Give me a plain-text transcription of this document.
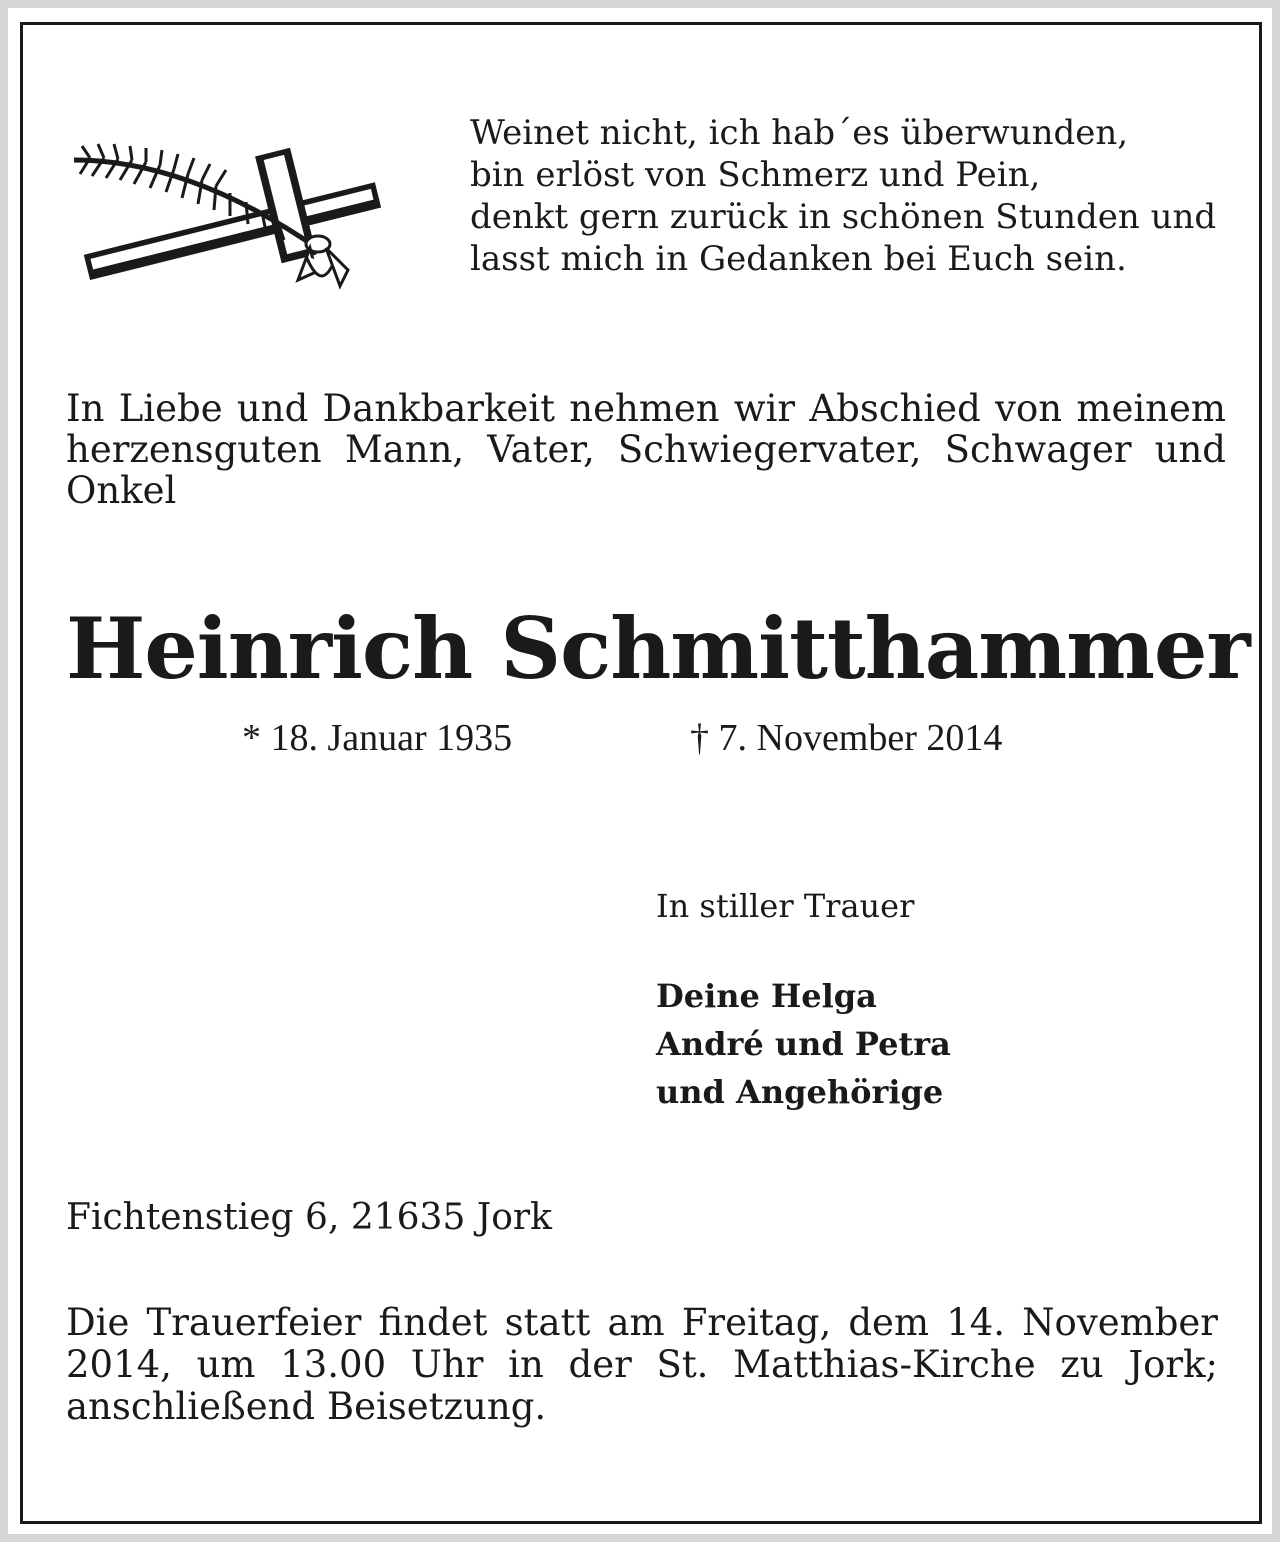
Weinet nicht, ich hab´es überwunden,
bin erlöst von Schmerz und Pein,
denkt gern zurück in schönen Stunden und
lasst mich in Gedanken bei Euch sein.
In Liebe und Dankbarkeit nehmen wir Abschied von meinem herzensguten Mann, Vater, Schwiegervater, Schwager und Onkel
Heinrich Schmitthammer
* 18. Januar 1935	† 7. November 2014
In stiller Trauer
Deine Helga
André und Petra
und Angehörige
Fichtenstieg 6, 21635 Jork
Die Trauerfeier findet statt am Freitag, dem 14. November 2014, um 13.00 Uhr in der St. Matthias-Kirche zu Jork; anschließend Beisetzung.
